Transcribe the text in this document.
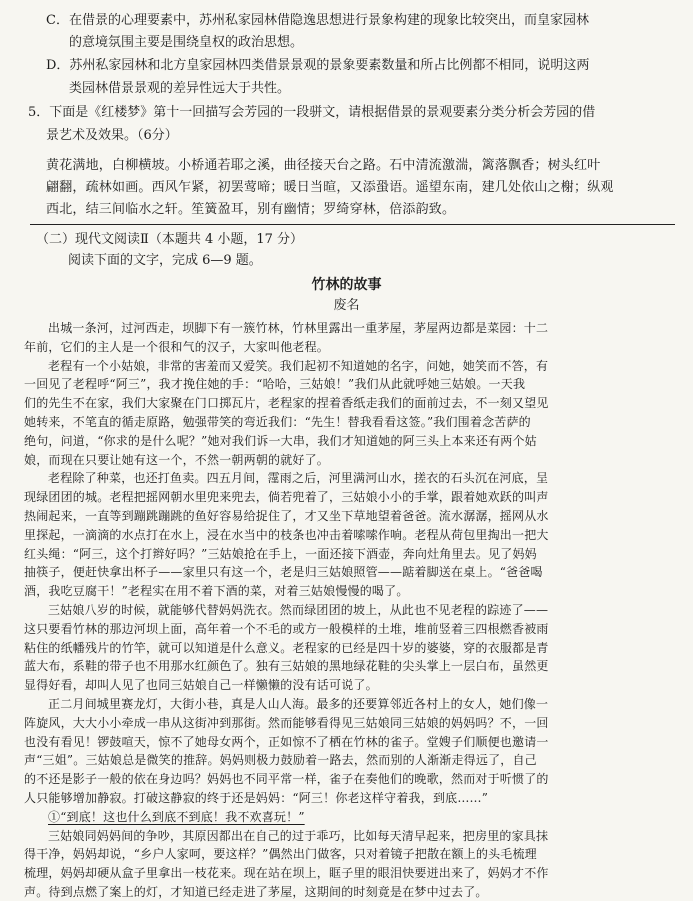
C．在借景的心理要素中，苏州私家园林借隐逸思想进行景象构建的现象比较突出，而皇家园林
的意境氛围主要是围绕皇权的政治思想。
D．苏州私家园林和北方皇家园林四类借景景观的景象要素数量和所占比例都不相同，说明这两
类园林借景景观的差异性远大于共性。
5．下面是《红楼梦》第十一回描写会芳园的一段骈文，请根据借景的景观要素分类分析会芳园的借
景艺术及效果。（6分）
黄花满地，白柳横坡。小桥通若耶之溪，曲径接天台之路。石中清流激湍，篱落飘香；树头红叶
翩翻，疏林如画。西风乍紧，初罢莺啼；暖日当暄，又添蛩语。遥望东南，建几处依山之榭；纵观
西北，结三间临水之轩。笙簧盈耳，别有幽情；罗绮穿林，倍添韵致。
（二）现代文阅读Ⅱ（本题共 4 小题，17 分）
阅读下面的文字，完成 6—9 题。
竹林的故事
废名
出城一条河，过河西走，坝脚下有一簇竹林，竹林里露出一重茅屋，茅屋两边都是菜园：十二
年前，它们的主人是一个很和气的汉子，大家叫他老程。
老程有一个小姑娘，非常的害羞而又爱笑。我们起初不知道她的名字，问她，她笑而不答，有
一回见了老程呼“阿三”，我才挽住她的手：“哈哈，三姑娘！”我们从此就呼她三姑娘。一天我
们的先生不在家，我们大家聚在门口掷瓦片，老程家的捏着香纸走我们的面前过去，不一刻又望见
她转来，不笔直的循走原路，勉强带笑的弯近我们：“先生！替我看看这签。”我们围着念苦萨的
绝句，问道，“你求的是什么呢？”她对我们诉一大串，我们才知道她的阿三头上本来还有两个姑
娘，而现在只要让她有这一个，不然一朝两朝的就好了。
老程除了种菜，也还打鱼卖。四五月间，霪雨之后，河里满河山水，搓衣的石头沉在河底，呈
现绿团团的城。老程把摇网朝水里兜来兜去，倘若兜着了，三姑娘小小的手掌，跟着她欢跃的叫声
热闹起来，一直等到蹦跳蹦跳的鱼好容易给捉住了，才又坐下草地望着爸爸。流水潺潺，摇网从水
里探起，一滴滴的水点打在水上，浸在水当中的枝条也冲击着嗦嗦作响。老程从荷包里掏出一把大
红头绳：“阿三，这个打辫好吗？”三姑娘抢在手上，一面还接下酒壶，奔向灶角里去。见了妈妈
抽筷子，便赶快拿出杯子——家里只有这一个，老是归三姑娘照管——踮着脚送在桌上。“爸爸喝
酒，我吃豆腐干！”老程实在用不着下酒的菜，对着三姑娘慢慢的喝了。
三姑娘八岁的时候，就能够代替妈妈洗衣。然而绿团团的坡上，从此也不见老程的踪迹了——
这只要看竹林的那边河坝上面，高年着一个不毛的或方一般模样的土堆，堆前竖着三四根燃香被雨
粘住的纸幡残片的竹竿，就可以知道是什么意义。老程家的已经是四十岁的婆婆，穿的衣服都是青
蓝大布，系鞋的带子也不用那水红颜色了。独有三姑娘的黑地绿花鞋的尖头掌上一层白布，虽然更
显得好看，却叫人见了也同三姑娘自己一样懒懒的没有话可说了。
正二月间城里赛龙灯，大街小巷，真是人山人海。最多的还要算邻近各村上的女人，她们像一
阵旋风，大大小小牵成一串从这街冲到那街。然而能够看得见三姑娘同三姑娘的妈妈吗？不，一回
也没有看见！锣鼓喧天，惊不了她母女两个，正如惊不了栖在竹林的雀子。堂嫂子们顺便也邀请一
声“三姐”。三姑娘总是微笑的推辞。妈妈则极力鼓励着一路去，然而别的人渐渐走得远了，自己
的不还是影子一般的依在身边吗？妈妈也不同平常一样，雀子在奏他们的晚歌，然而对于听惯了的
人只能够增加静寂。打破这静寂的终于还是妈妈：“阿三！你老这样守着我，到底……”
①“到底！这也什么到底不到底！我不欢喜玩！”
三姑娘同妈妈间的争吵，其原因都出在自己的过于乖巧，比如每天清早起来，把房里的家具抹
得干净，妈妈却说，“乡户人家呵，要这样？”偶然出门做客，只对着镜子把散在额上的头毛梳理
梳理，妈妈却硬从盒子里拿出一枝花来。现在站在坝上，眶子里的眼泪快要迸出来了，妈妈才不作
声。待到点燃了案上的灯，才知道已经走进了茅屋，这期间的时刻竟是在梦中过去了。
